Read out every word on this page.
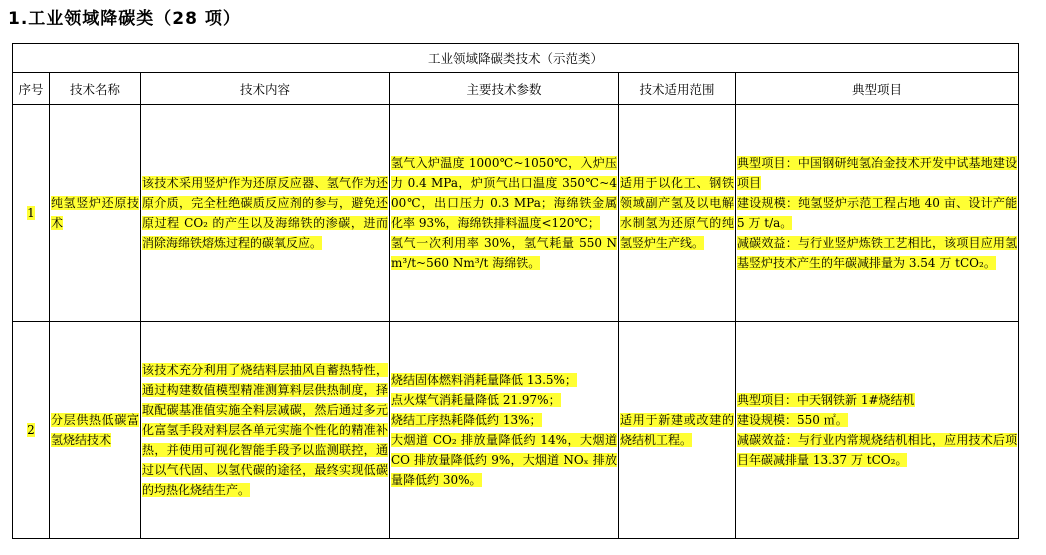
1.工业领域降碳类（28 项）
工业领域降碳类技术（示范类）					
序号	技术名称	技术内容	主要技术参数	技术适用范围	典型项目
1	纯氢竖炉还原技术	该技术采用竖炉作为还原反应器、氢气作为还原介质，完全杜绝碳质反应剂的参与，避免还原过程 CO₂ 的产生以及海绵铁的渗碳，进而消除海绵铁熔炼过程的碳氧反应。	氢气入炉温度 1000℃~1050℃，入炉压力 0.4 MPa，炉顶气出口温度 350℃~400℃，出口压力 0.3 MPa；海绵铁金属化率 93%，海绵铁排料温度<120℃；
氢气一次利用率 30%，氢气耗量 550 Nm³/t~560 Nm³/t 海绵铁。	适用于以化工、钢铁领域副产氢及以电解水制氢为还原气的纯氢竖炉生产线。	典型项目：中国钢研纯氢冶金技术开发中试基地建设项目
建设规模：纯氢竖炉示范工程占地 40 亩、设计产能 5 万 t/a。
减碳效益：与行业竖炉炼铁工艺相比，该项目应用氢基竖炉技术产生的年碳减排量为 3.54 万 tCO₂。

2	分层供热低碳富氢烧结技术	该技术充分利用了烧结料层抽风自蓄热特性，通过构建数值模型精准测算料层供热制度，择取配碳基准值实施全料层减碳，然后通过多元化富氢手段对料层各单元实施个性化的精准补热，并使用可视化智能手段予以监测联控，通过以气代固、以氢代碳的途径，最终实现低碳的均热化烧结生产。	烧结固体燃料消耗量降低 13.5%；
点火煤气消耗量降低 21.97%；
烧结工序热耗降低约 13%；
大烟道 CO₂ 排放量降低约 14%，大烟道 CO 排放量降低约 9%，大烟道 NOₓ 排放量降低约 30%。	适用于新建或改建的烧结机工程。	典型项目：中天钢铁新 1#烧结机
建设规模：550 ㎡。
减碳效益：与行业内常规烧结机相比，应用技术后项目年碳减排量 13.37 万 tCO₂。
